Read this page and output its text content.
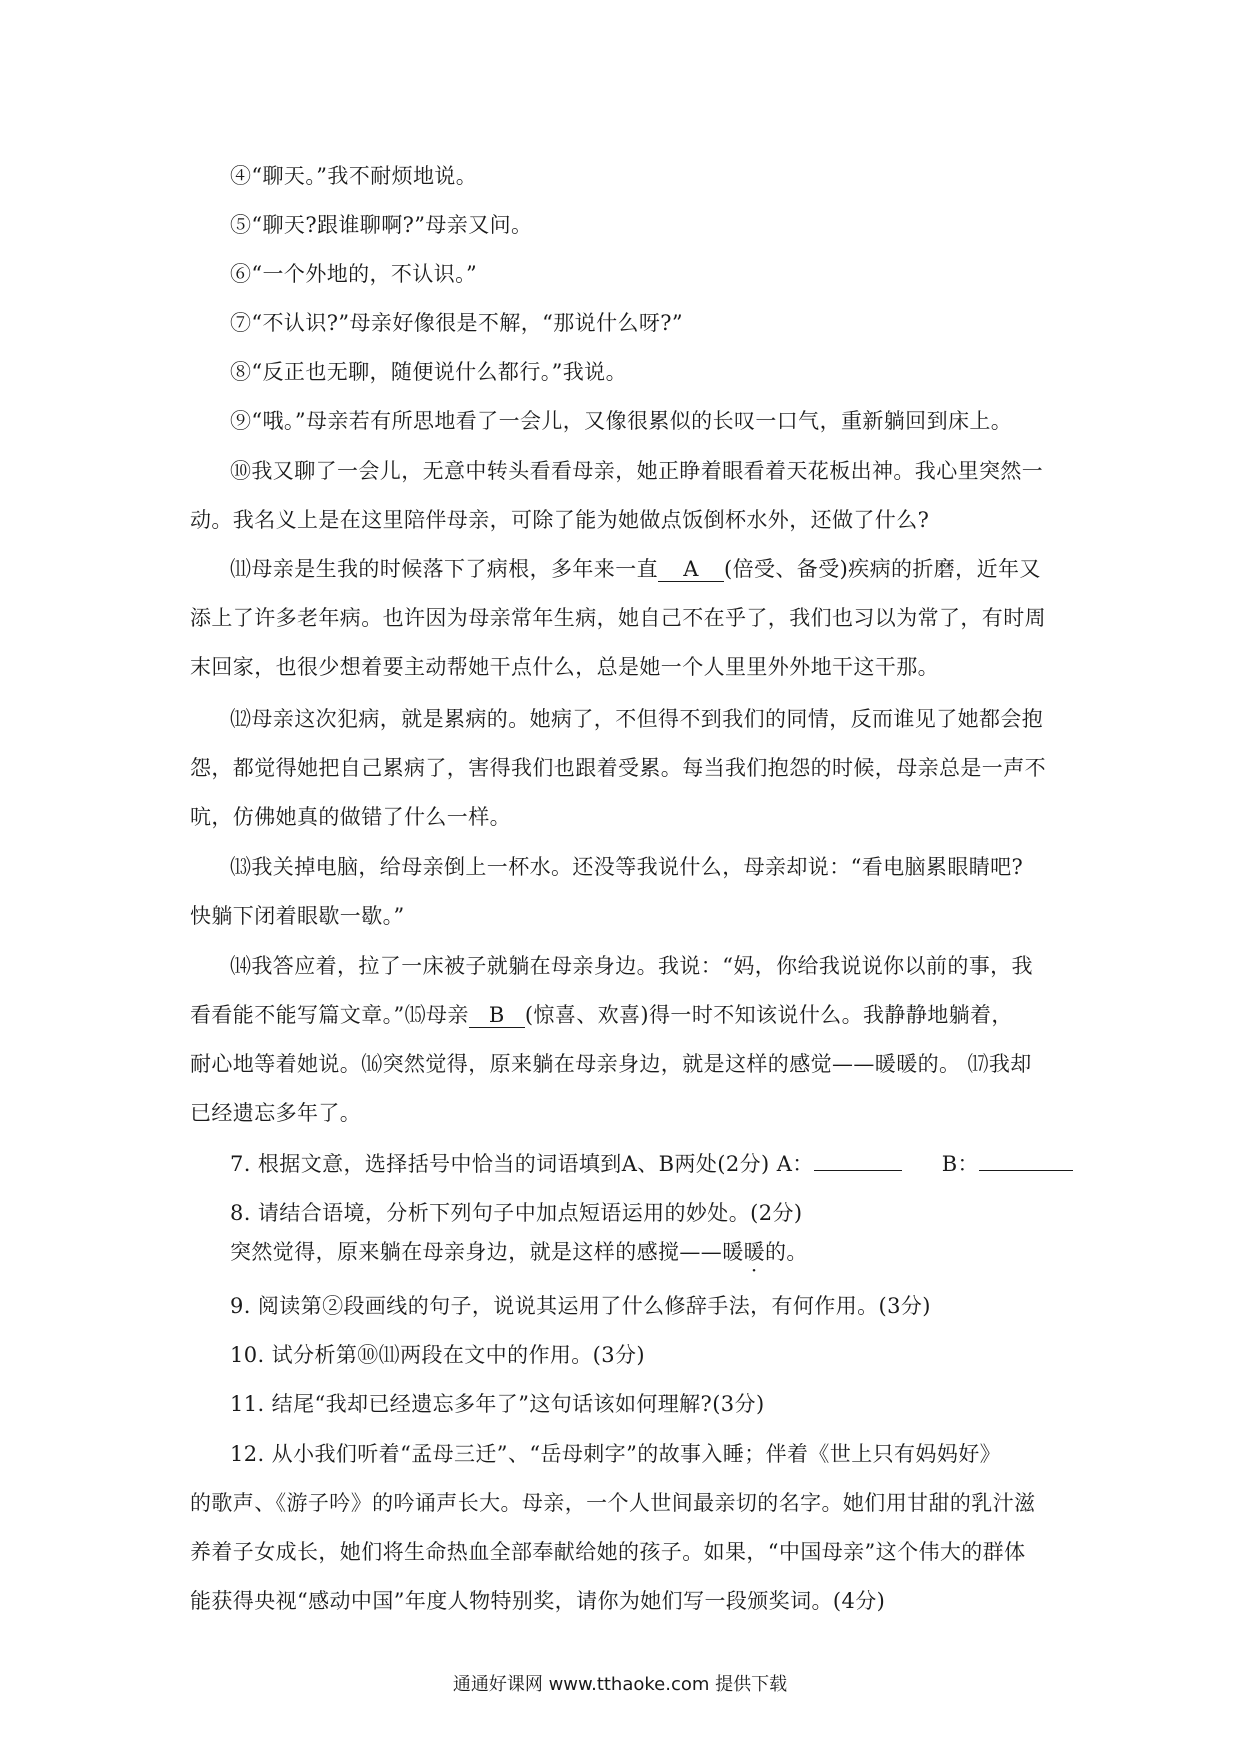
④“聊天。”我不耐烦地说。
⑤“聊天?跟谁聊啊?”母亲又问。
⑥“一个外地的，不认识。”
⑦“不认识?”母亲好像很是不解，“那说什么呀?”
⑧“反正也无聊，随便说什么都行。”我说。
⑨“哦。”母亲若有所思地看了一会儿，又像很累似的长叹一口气，重新躺回到床上。
⑩我又聊了一会儿，无意中转头看看母亲，她正睁着眼看着天花板出神。我心里突然一
动。我名义上是在这里陪伴母亲，可除了能为她做点饭倒杯水外，还做了什么?
⑾母亲是生我的时候落下了病根，多年来一直 A (倍受、备受)疾病的折磨，近年又
添上了许多老年病。也许因为母亲常年生病，她自己不在乎了，我们也习以为常了，有时周
末回家，也很少想着要主动帮她干点什么，总是她一个人里里外外地干这干那。
⑿母亲这次犯病，就是累病的。她病了，不但得不到我们的同情，反而谁见了她都会抱
怨，都觉得她把自己累病了，害得我们也跟着受累。每当我们抱怨的时候，母亲总是一声不
吭，仿佛她真的做错了什么一样。
⒀我关掉电脑，给母亲倒上一杯水。还没等我说什么，母亲却说：“看电脑累眼睛吧?
快躺下闭着眼歇一歇。”
⒁我答应着，拉了一床被子就躺在母亲身边。我说：“妈，你给我说说你以前的事，我
看看能不能写篇文章。”⒂母亲 B (惊喜、欢喜)得一时不知该说什么。我静静地躺着，
耐心地等着她说。⒃突然觉得，原来躺在母亲身边，就是这样的感觉——暖暖的。 ⒄我却
已经遗忘多年了。
7. 根据文意，选择括号中恰当的词语填到A、B两处(2分) A：	B：
8. 请结合语境，分析下列句子中加点短语运用的妙处。(2分)
突然觉得，原来躺在母亲身边，就是这样的感搅——暖暖的。
9. 阅读第②段画线的句子，说说其运用了什么修辞手法，有何作用。(3分)
10. 试分析第⑩⑾两段在文中的作用。(3分)
11. 结尾“我却已经遗忘多年了”这句话该如何理解?(3分)
12. 从小我们听着“孟母三迁”、“岳母刺字”的故事入睡；伴着《世上只有妈妈好》
的歌声、《游子吟》的吟诵声长大。母亲，一个人世间最亲切的名字。她们用甘甜的乳汁滋
养着子女成长，她们将生命热血全部奉献给她的孩子。如果，“中国母亲”这个伟大的群体
能获得央视“感动中国”年度人物特别奖，请你为她们写一段颁奖词。(4分)
通通好课网 www.tthaoke.com 提供下载
